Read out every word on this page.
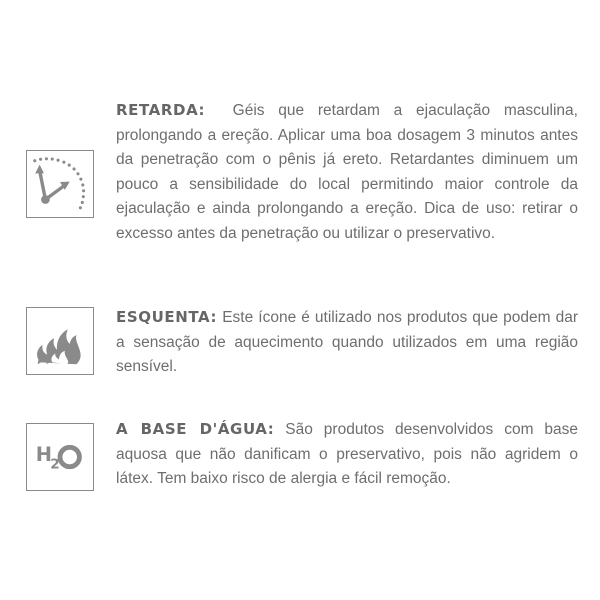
RETARDA: Géis que retardam a ejaculação masculina, prolongando a ereção. Aplicar uma boa dosagem 3 minutos antes da penetração com o pênis já ereto. Retardantes diminuem um pouco a sensibilidade do local permitindo maior controle da ejaculação e ainda prolongando a ereção. Dica de uso: retirar o excesso antes da penetração ou utilizar o preservativo.
ESQUENTA: Este ícone é utilizado nos produtos que podem dar a sensação de aquecimento quando utilizados em uma região sensível.
H
2
A BASE D'ÁGUA: São produtos desenvolvidos com base aquosa que não danificam o preservativo, pois não agridem o látex. Tem baixo risco de alergia e fácil remoção.
